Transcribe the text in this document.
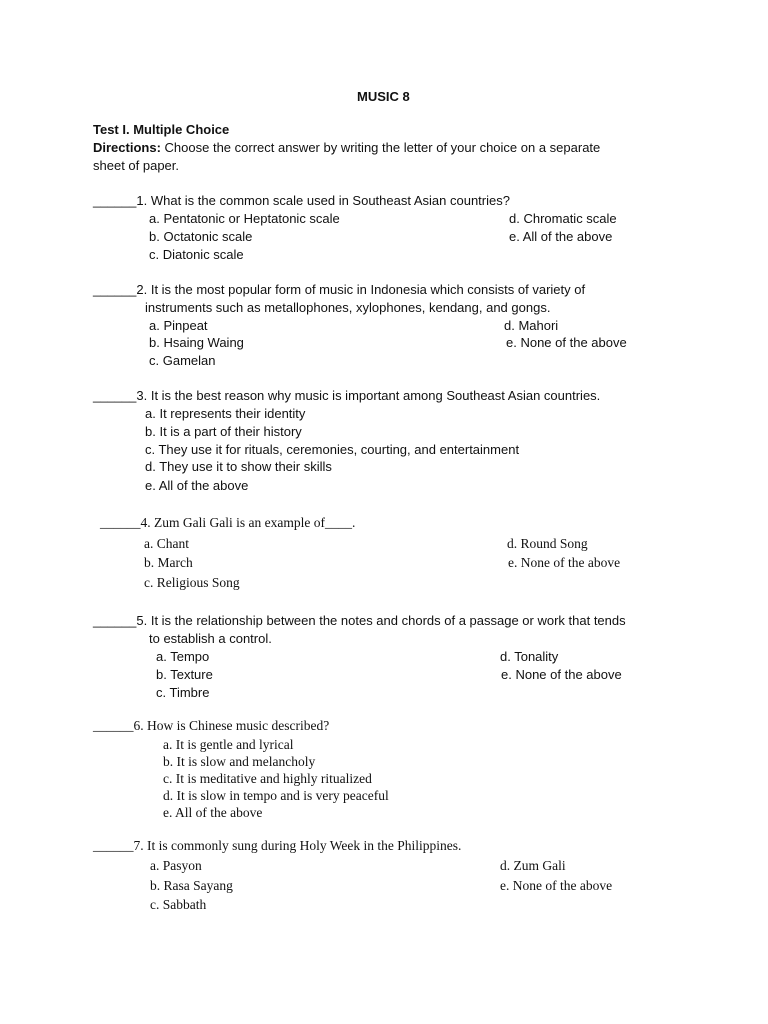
MUSIC 8
Test I. Multiple Choice
Directions: Choose the correct answer by writing the letter of your choice on a separate
sheet of paper.
______1. What is the common scale used in Southeast Asian countries?
a. Pentatonic or Heptatonic scale
b. Octatonic scale
c. Diatonic scale
d. Chromatic scale
e. All of the above
______2. It is the most popular form of music in Indonesia which consists of variety of
instruments such as metallophones, xylophones, kendang, and gongs.
a. Pinpeat
b. Hsaing Waing
c. Gamelan
d. Mahori
e. None of the above
______3. It is the best reason why music is important among Southeast Asian countries.
a. It represents their identity
b. It is a part of their history
c. They use it for rituals, ceremonies, courting, and entertainment
d. They use it to show their skills
e. All of the above
______4. Zum Gali Gali is an example of____.
a. Chant
b. March
c. Religious Song
d. Round Song
e. None of the above
______5. It is the relationship between the notes and chords of a passage or work that tends
to establish a control.
a. Tempo
b. Texture
c. Timbre
d. Tonality
e. None of the above
______6. How is Chinese music described?
a. It is gentle and lyrical
b. It is slow and melancholy
c. It is meditative and highly ritualized
d. It is slow in tempo and is very peaceful
e. All of the above
______7. It is commonly sung during Holy Week in the Philippines.
a. Pasyon
b. Rasa Sayang
c. Sabbath
d. Zum Gali
e. None of the above
